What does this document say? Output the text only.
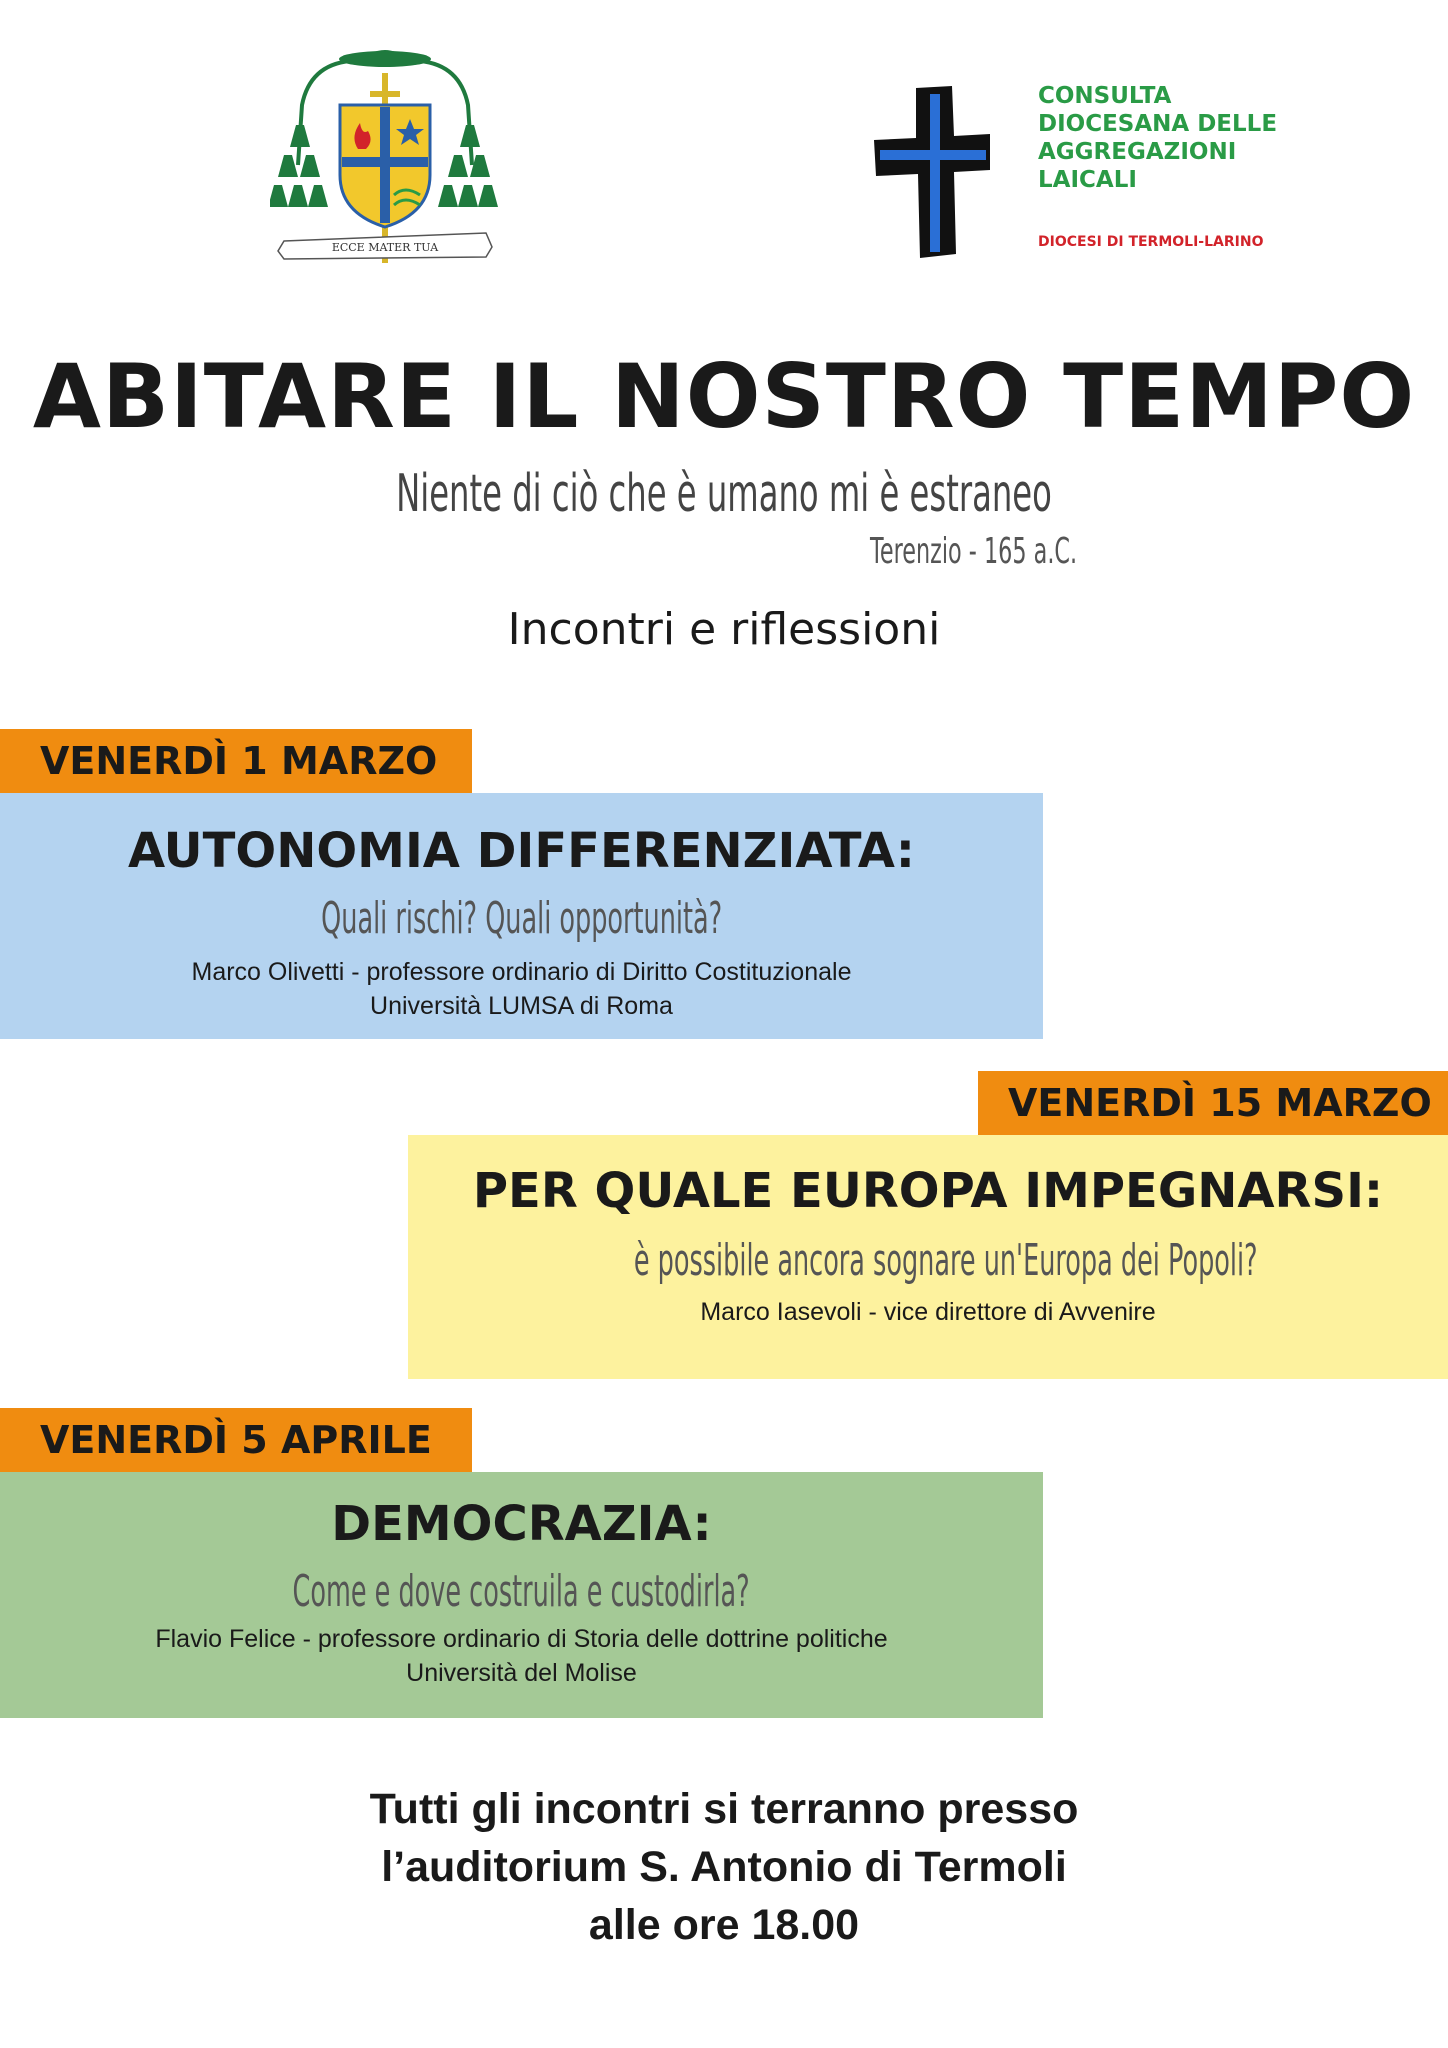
ECCE MATER TUA
CONSULTA
DIOCESANA DELLE
AGGREGAZIONI
LAICALI
DIOCESI DI TERMOLI-LARINO
ABITARE IL NOSTRO TEMPO
Niente di ciò che è umano mi è estraneo
Terenzio - 165 a.C.
Incontri e riflessioni
VENERDÌ 1 MARZO
AUTONOMIA DIFFERENZIATA:
Quali rischi? Quali opportunità?
Marco Olivetti - professore ordinario di Diritto Costituzionale
Università LUMSA di Roma
VENERDÌ 15 MARZO
PER QUALE EUROPA IMPEGNARSI:
è possibile ancora sognare un'Europa dei Popoli?
Marco Iasevoli - vice direttore di Avvenire
VENERDÌ 5 APRILE
DEMOCRAZIA:
Come e dove costruila e custodirla?
Flavio Felice - professore ordinario di Storia delle dottrine politiche
Università del Molise
Tutti gli incontri si terranno presso
l’auditorium S. Antonio di Termoli
alle ore 18.00
